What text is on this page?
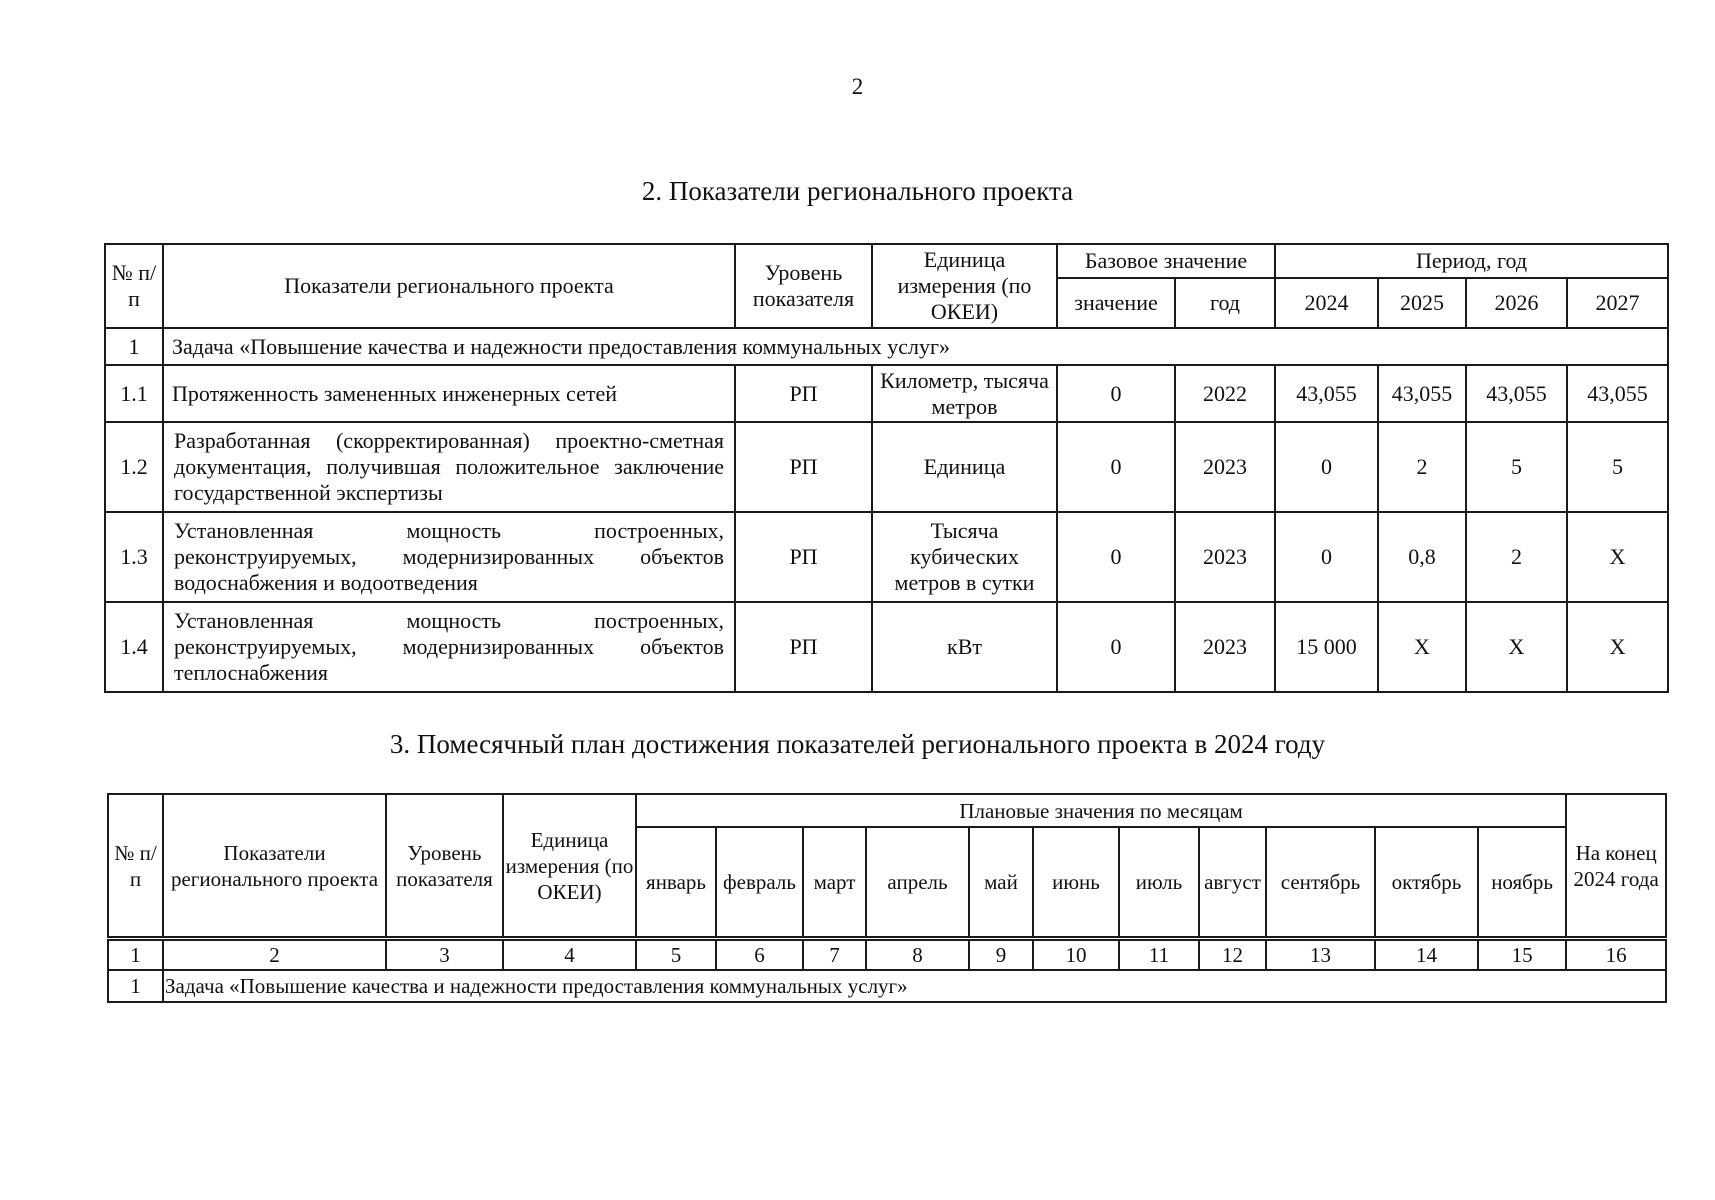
2
2. Показатели регионального проекта
№ п/п	Показатели регионального проекта	Уровень показателя	Единица измерения (по ОКЕИ)	Базовое значение		Период, год			
				значение	год	2024	2025	2026	2027
1	Задача «Повышение качества и надежности предоставления коммунальных услуг»								
1.1	Протяженность замененных инженерных сетей	РП	Километр, тысяча метров	0	2022	43,055	43,055	43,055	43,055
1.2	Разработанная (скорректированная) проектно-сметная документация, получившая положительное заключение государственной экспертизы	РП	Единица	0	2023	0	2	5	5
1.3	Установленная мощность построенных, реконструируемых, модернизированных объектов водоснабжения и водоотведения	РП	Тысяча кубических метров в сутки	0	2023	0	0,8	2	X
1.4	Установленная мощность построенных, реконструируемых, модернизированных объектов теплоснабжения	РП	кВт	0	2023	15 000	X	X	X
3. Помесячный план достижения показателей регионального проекта в 2024 году
№ п/п	Показатели регионального проекта	Уровень показателя	Единица измерения (по ОКЕИ)	Плановые значения по месяцам											На конец 2024 года
				январь	февраль	март	апрель	май	июнь	июль	август	сентябрь	октябрь	ноябрь	
1	2	3	4	5	6	7	8	9	10	11	12	13	14	15	16
1	Задача «Повышение качества и надежности предоставления коммунальных услуг»														
